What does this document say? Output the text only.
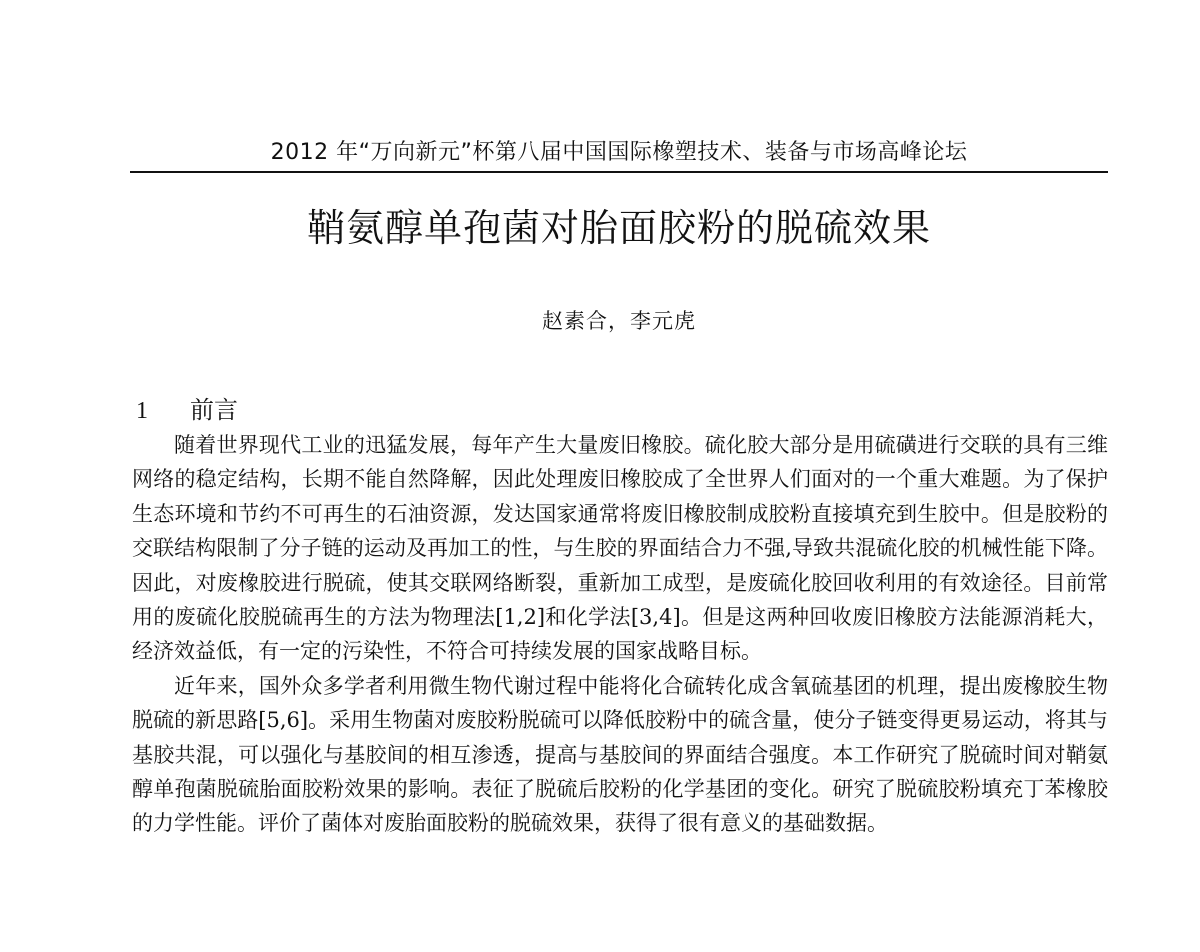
2012 年“万向新元”杯第八届中国国际橡塑技术、装备与市场高峰论坛
鞘氨醇单孢菌对胎面胶粉的脱硫效果
赵素合，李元虎
1 前言

随着世界现代工业的迅猛发展，每年产生大量废旧橡胶。硫化胶大部分是用硫磺进行交联的具有三维网络的稳定结构，长期不能自然降解，因此处理废旧橡胶成了全世界人们面对的一个重大难题。为了保护生态环境和节约不可再生的石油资源，发达国家通常将废旧橡胶制成胶粉直接填充到生胶中。但是胶粉的交联结构限制了分子链的运动及再加工的性，与生胶的界面结合力不强,导致共混硫化胶的机械性能下降。因此，对废橡胶进行脱硫，使其交联网络断裂，重新加工成型，是废硫化胶回收利用的有效途径。目前常用的废硫化胶脱硫再生的方法为物理法[1,2]和化学法[3,4]。但是这两种回收废旧橡胶方法能源消耗大，经济效益低，有一定的污染性，不符合可持续发展的国家战略目标。

近年来，国外众多学者利用微生物代谢过程中能将化合硫转化成含氧硫基团的机理，提出废橡胶生物脱硫的新思路[5,6]。采用生物菌对废胶粉脱硫可以降低胶粉中的硫含量，使分子链变得更易运动，将其与基胶共混，可以强化与基胶间的相互渗透，提高与基胶间的界面结合强度。本工作研究了脱硫时间对鞘氨醇单孢菌脱硫胎面胶粉效果的影响。表征了脱硫后胶粉的化学基团的变化。研究了脱硫胶粉填充丁苯橡胶的力学性能。评价了菌体对废胎面胶粉的脱硫效果，获得了很有意义的基础数据。
